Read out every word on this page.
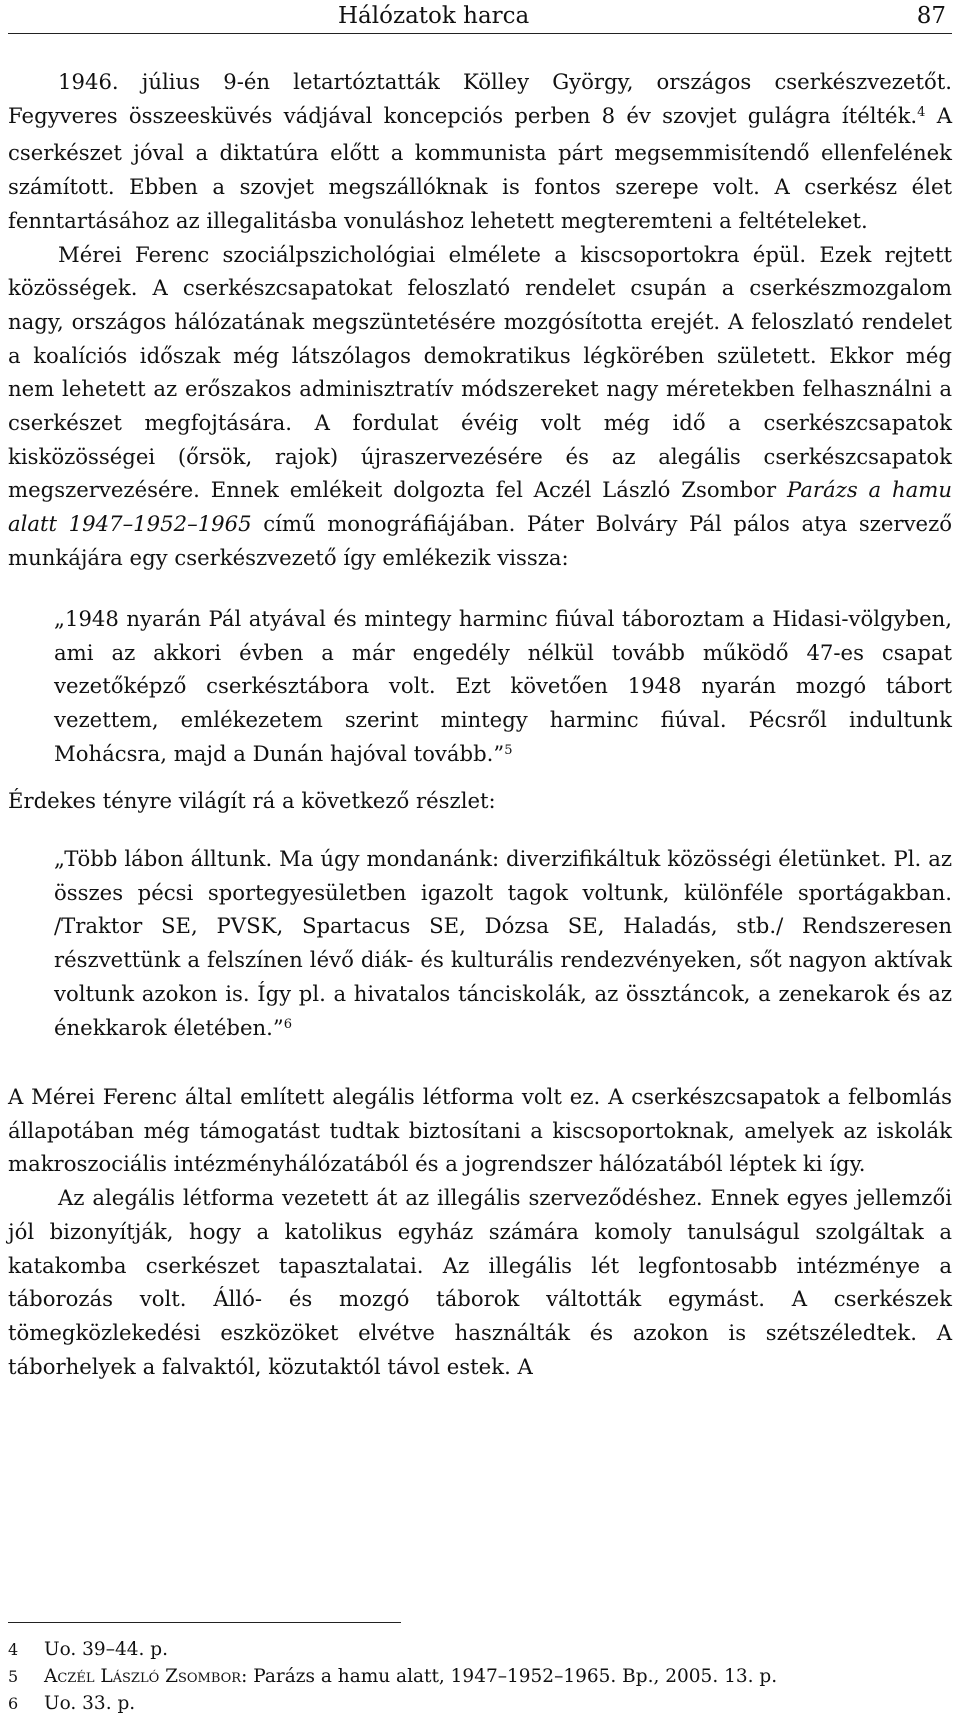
Hálózatok harca	87

1946. július 9-én letartóztatták Kölley György, országos cserkészvezetőt. Fegyveres összeesküvés vádjával koncepciós perben 8 év szovjet gulágra ítélték.$^4$ A cserkészet jóval a diktatúra előtt a kommunista párt megsemmisítendő ellenfelének számított. Ebben a szovjet megszállóknak is fontos szerepe volt. A cserkész élet fenntartásához az illegalitásba vonuláshoz lehetett megteremteni a feltételeket.

Mérei Ferenc szociálpszichológiai elmélete a kiscsoportokra épül. Ezek rejtett közösségek. A cserkészcsapatokat feloszlató rendelet csupán a cserkészmozgalom nagy, országos hálózatának megszüntetésére mozgósította erejét. A feloszlató rendelet a koalíciós időszak még látszólagos demokratikus légkörében született. Ekkor még nem lehetett az erőszakos adminisztratív módszereket nagy méretekben felhasználni a cserkészet megfojtására. A fordulat évéig volt még idő a cserkészcsapatok kisközösségei (őrsök, rajok) újraszervezésére és az alegális cserkészcsapatok megszervezésére. Ennek emlékeit dolgozta fel Aczél László Zsombor Parázs a hamu alatt 1947–1952–1965 című monográfiájában. Páter Bolváry Pál pálos atya szervező munkájára egy cserkészvezető így emlékezik vissza:

„1948 nyarán Pál atyával és mintegy harminc fiúval táboroztam a Hidasi-völgyben, ami az akkori évben a már engedély nélkül tovább működő 47-es csapat vezetőképző cserkésztábora volt. Ezt követően 1948 nyarán mozgó tábort vezettem, emlékezetem szerint mintegy harminc fiúval. Pécsről indultunk Mohácsra, majd a Dunán hajóval tovább.”$^5$

Érdekes tényre világít rá a következő részlet:

„Több lábon álltunk. Ma úgy mondanánk: diverzifikáltuk közösségi életünket. Pl. az összes pécsi sportegyesületben igazolt tagok voltunk, különféle sportágakban. /Traktor SE, PVSK, Spartacus SE, Dózsa SE, Haladás, stb./ Rendszeresen részvettünk a felszínen lévő diák- és kulturális rendezvényeken, sőt nagyon aktívak voltunk azokon is. Így pl. a hivatalos tánciskolák, az össztáncok, a zenekarok és az énekkarok életében.”$^6$

A Mérei Ferenc által említett alegális létforma volt ez. A cserkészcsapatok a felbomlás állapotában még támogatást tudtak biztosítani a kiscsoportoknak, amelyek az iskolák makroszociális intézményhálózatából és a jogrendszer hálózatából léptek ki így.

Az alegális létforma vezetett át az illegális szerveződéshez. Ennek egyes jellemzői jól bizonyítják, hogy a katolikus egyház számára komoly tanulságul szolgáltak a katakomba cserkészet tapasztalatai. Az illegális lét legfontosabb intézménye a táborozás volt. Álló- és mozgó táborok váltották egymást. A cserkészek tömegközlekedési eszközöket elvétve használták és azokon is szétszéledtek. A táborhelyek a falvaktól, közutaktól távol estek. A

4	Uo. 39–44. p.
5	Aczél László Zsombor: Parázs a hamu alatt, 1947–1952–1965. Bp., 2005. 13. p.
6	Uo. 33. p.
